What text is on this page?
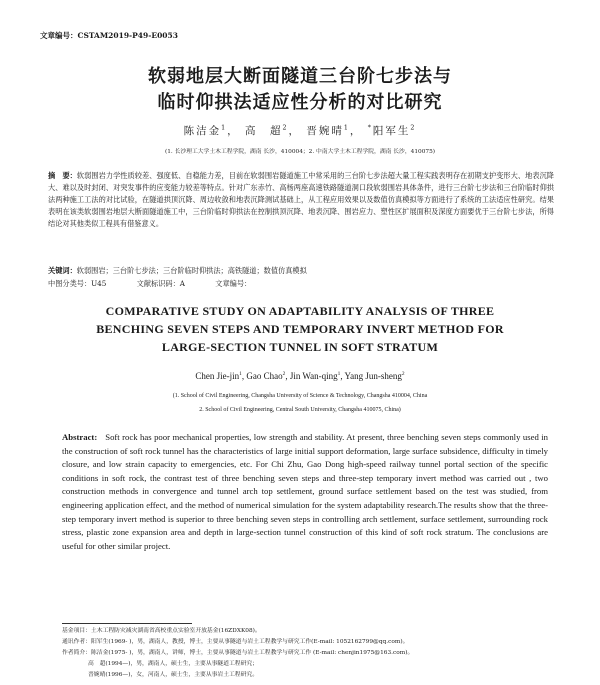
文章编号：CSTAM2019-P49-E0053
软弱地层大断面隧道三台阶七步法与
临时仰拱法适应性分析的对比研究
陈洁金$^1$， 高　超$^2$， 晋婉晴$^1$， *阳军生$^2$
(1. 长沙理工大学土木工程学院，湖南 长沙，410004；2. 中南大学土木工程学院，湖南 长沙，410075)
摘　要：软弱围岩力学性质较差、强度低、自稳能力差，目前在软弱围岩隧道施工中常采用的三台阶七步法超大量工程实践表明存在初期支护变形大、地表沉降大、难以及时封闭、对突发事件的应变能力较差等特点。针对广东赤竹、高杨两座高速铁路隧道洞口段软弱围岩具体条件，进行三台阶七步法和三台阶临时仰拱法两种施工工法的对比试验，在隧道拱顶沉降、周边收敛和地表沉降测试基础上，从工程应用效果以及数值仿真模拟等方面进行了系统的工法适应性研究。结果表明在该类软弱围岩地层大断面隧道施工中，三台阶临时仰拱法在控制拱顶沉降、地表沉降、围岩应力、塑性区扩展面积及深度方面要优于三台阶七步法，所得结论对其他类似工程具有借鉴意义。
关键词：软弱围岩；三台阶七步法；三台阶临时仰拱法；高铁隧道；数值仿真模拟
中图分类号：U45	文献标识码：A	文章编号：
COMPARATIVE STUDY ON ADAPTABILITY ANALYSIS OF THREE
BENCHING SEVEN STEPS AND TEMPORARY INVERT METHOD FOR
LARGE-SECTION TUNNEL IN SOFT STRATUM
Chen Jie-jin$^1$, Gao Chao$^2$, Jin Wan-qing$^1$, Yang Jun-sheng$^2$
(1. School of Civil Engineering, Changsha University of Science & Technology, Changsha 410004, China
2. School of Civil Engineering, Central South University, Changsha 410075, China)
Abstract: Soft rock has poor mechanical properties, low strength and stability. At present, three benching seven steps commonly used in the construction of soft rock tunnel has the characteristics of large initial support deformation, large surface subsidence, difficulty in timely closure, and low strain capacity to emergencies, etc. For Chi Zhu, Gao Dong high-speed railway tunnel portal section of the specific conditions in soft rock, the contrast test of three benching seven steps and three-step temporary invert method was carried out , two construction methods in convergence and tunnel arch top settlement, ground surface settlement based on the test was studied, from engineering application effect, and the method of numerical simulation for the system adaptability research.The results show that the three-step temporary invert method is superior to three benching seven steps in controlling arch settlement, surface settlement, surrounding rock stress, plastic zone expansion area and depth in large-section tunnel construction of this kind of soft rock stratum. The conclusions are useful for other similar project.
基金项目：土木工程防灾减灾湖南省高校重点实验室开放基金(16ZDXK08)。
通讯作者：阳军生(1969- )，男，湖南人，教授，博士，主要从事隧道与岩土工程教学与研究工作(E-mail: 1052162799@qq.com)。
作者简介：陈洁金(1975- )，男，湖南人，讲师，博士，主要从事隧道与岩土工程教学与研究工作 (E-mail: chenjin1975@163.com)。
高　超(1994—)，男，湖南人，硕士生，主要从事隧道工程研究；
晋婉晴(1996—)，女，河南人，硕士生，主要从事岩土工程研究。
